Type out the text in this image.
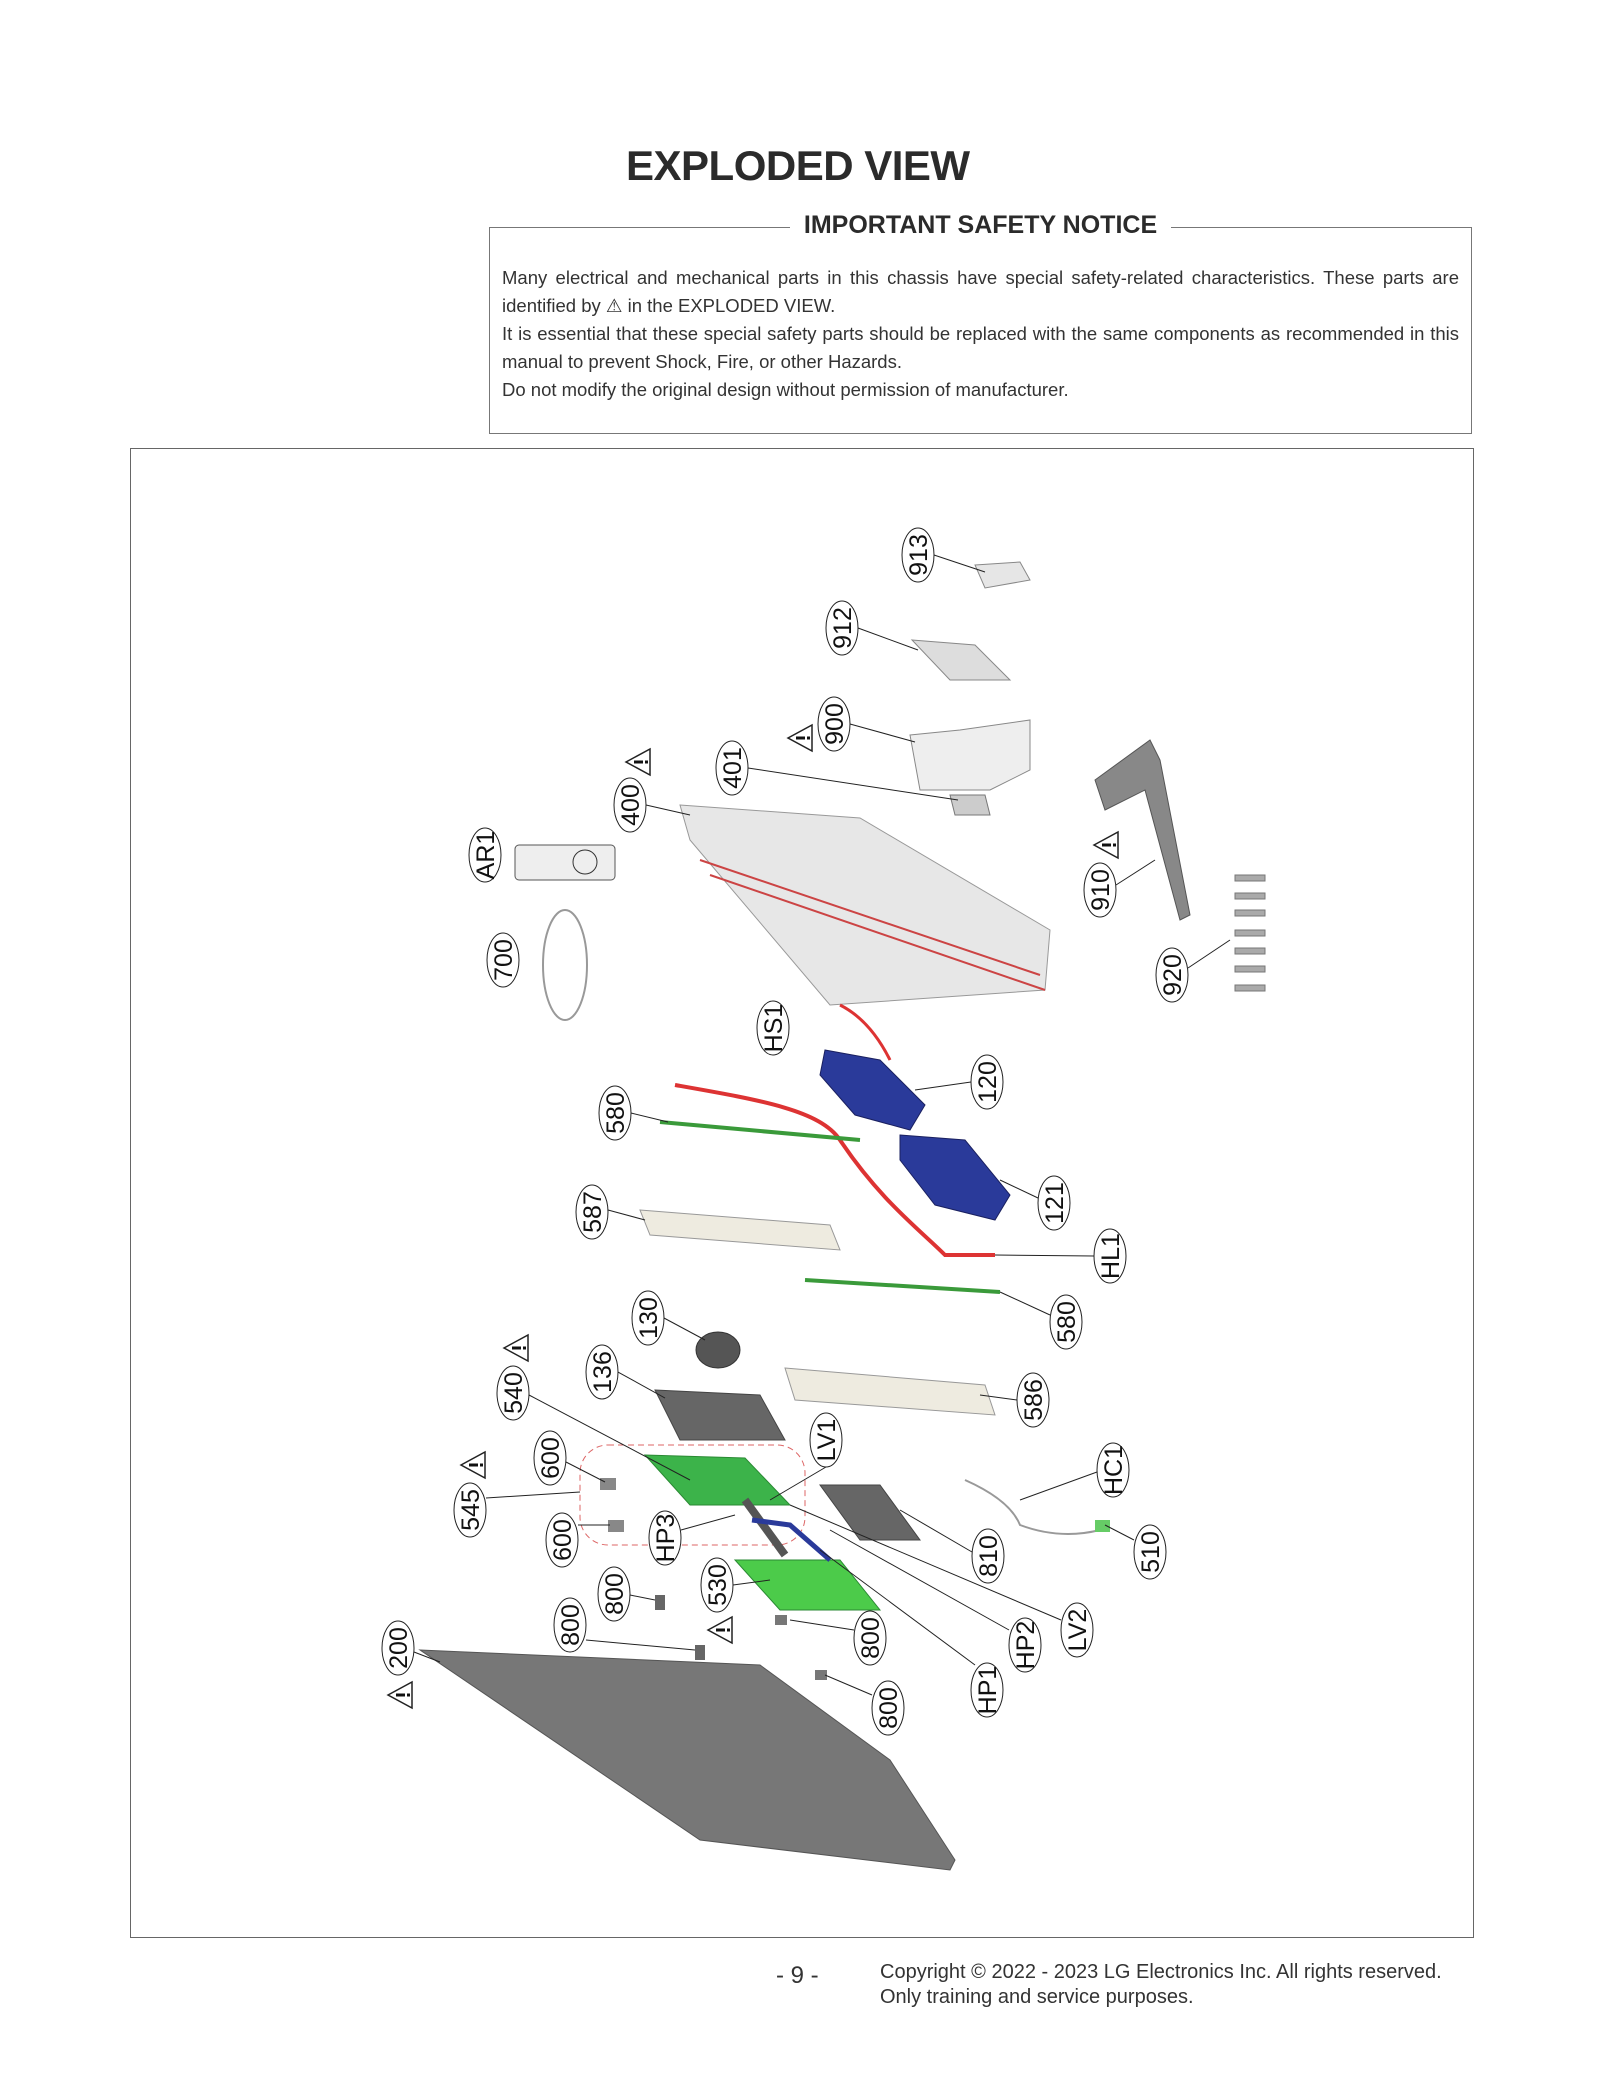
EXPLODED VIEW
IMPORTANT SAFETY NOTICE

Many electrical and mechanical parts in this chassis have special safety-related characteristics. These parts are identified by ⚠ in the EXPLODED VIEW.

It is essential that these special safety parts should be replaced with the same components as recommended in this manual to prevent Shock, Fire, or other Hazards.

Do not modify the original design without permission of manufacturer.

913
912
900
401
400
AR1
700
910
920
HS1
120
580
121
587
HL1
580
130
540
136
586
600	LV1
HC1
545
600	HP3	810	510
800	530
800	800	HP2 LV2
200
800	HP1
- 9 -	Copyright © 2022 - 2023 LG Electronics Inc. All rights reserved.
Only training and service purposes.
